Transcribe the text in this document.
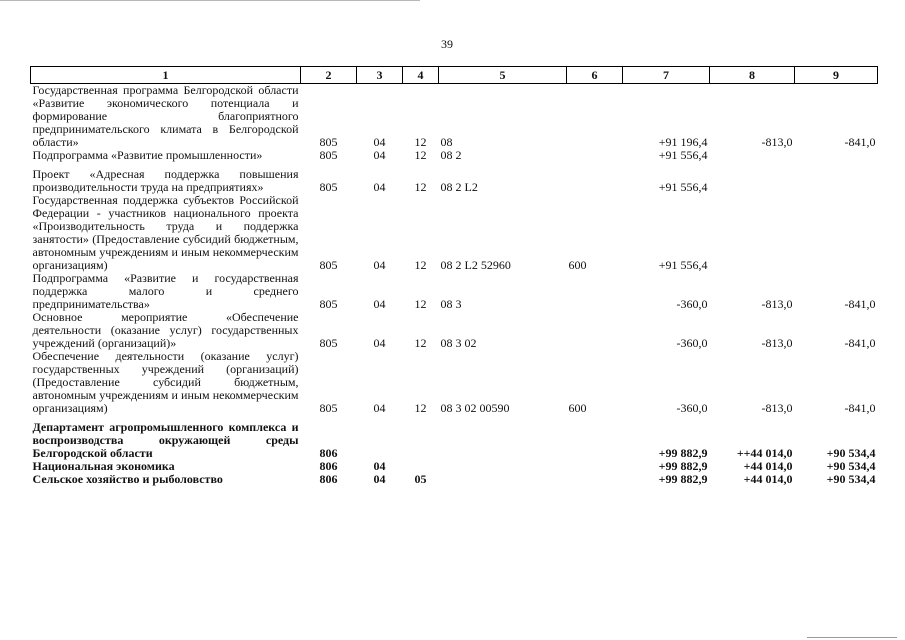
39
1	2	3	4	5	6	7	8	9
Государственная программа Белгородской области «Развитие экономического потенциала и формирование благоприятного предпринимательского климата в Белгородской области»	805	04	12	08		+91 196,4	-813,0	-841,0
Подпрограмма «Развитие промышленности»	805	04	12	08 2		+91 556,4		
Проект «Адресная поддержка повышения производительности труда на предприятиях»	805	04	12	08 2 L2		+91 556,4		
Государственная поддержка субъектов Российской Федерации - участников национального проекта «Производительность труда и поддержка занятости» (Предоставление субсидий бюджетным, автономным учреждениям и иным некоммерческим организациям)	805	04	12	08 2 L2 52960	600	+91 556,4		
Подпрограмма «Развитие и государственная поддержка малого и среднего предпринимательства»	805	04	12	08 3		-360,0	-813,0	-841,0
Основное мероприятие «Обеспечение деятельности (оказание услуг) государственных учреждений (организаций)»	805	04	12	08 3 02		-360,0	-813,0	-841,0
Обеспечение деятельности (оказание услуг) государственных учреждений (организаций) (Предоставление субсидий бюджетным, автономным учреждениям и иным некоммерческим организациям)	805	04	12	08 3 02 00590	600	-360,0	-813,0	-841,0
Департамент агропромышленного комплекса и воспроизводства окружающей среды Белгородской области	806					+99 882,9	++44 014,0	+90 534,4
Национальная экономика	806	04				+99 882,9	+44 014,0	+90 534,4
Сельское хозяйство и рыболовство	806	04	05			+99 882,9	+44 014,0	+90 534,4
